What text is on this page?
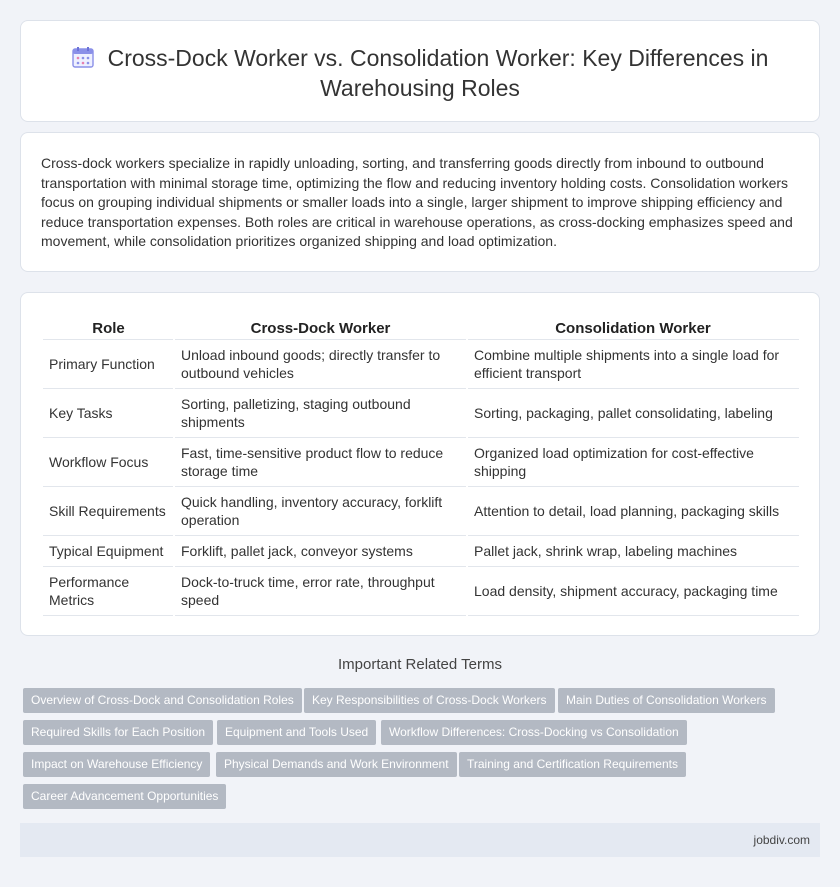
Cross-Dock Worker vs. Consolidation Worker: Key Differences in Warehousing Roles

Cross-dock workers specialize in rapidly unloading, sorting, and transferring goods directly from inbound to outbound transportation with minimal storage time, optimizing the flow and reducing inventory holding costs. Consolidation workers focus on grouping individual shipments or smaller loads into a single, larger shipment to improve shipping efficiency and reduce transportation expenses. Both roles are critical in warehouse operations, as cross-docking emphasizes speed and movement, while consolidation prioritizes organized shipping and load optimization.

Role	Cross-Dock Worker	Consolidation Worker
Primary Function	Unload inbound goods; directly transfer to outbound vehicles	Combine multiple shipments into a single load for efficient transport
Key Tasks	Sorting, palletizing, staging outbound shipments	Sorting, packaging, pallet consolidating, labeling
Workflow Focus	Fast, time-sensitive product flow to reduce storage time	Organized load optimization for cost-effective shipping
Skill Requirements	Quick handling, inventory accuracy, forklift operation	Attention to detail, load planning, packaging skills
Typical Equipment	Forklift, pallet jack, conveyor systems	Pallet jack, shrink wrap, labeling machines
Performance Metrics	Dock-to-truck time, error rate, throughput speed	Load density, shipment accuracy, packaging time
Important Related Terms
Overview of Cross-Dock and Consolidation Roles	Key Responsibilities of Cross-Dock Workers	Main Duties of Consolidation Workers
Required Skills for Each Position	Equipment and Tools Used	Workflow Differences: Cross-Docking vs Consolidation
Impact on Warehouse Efficiency	Physical Demands and Work Environment	Training and Certification Requirements
Career Advancement Opportunities
jobdiv.com
